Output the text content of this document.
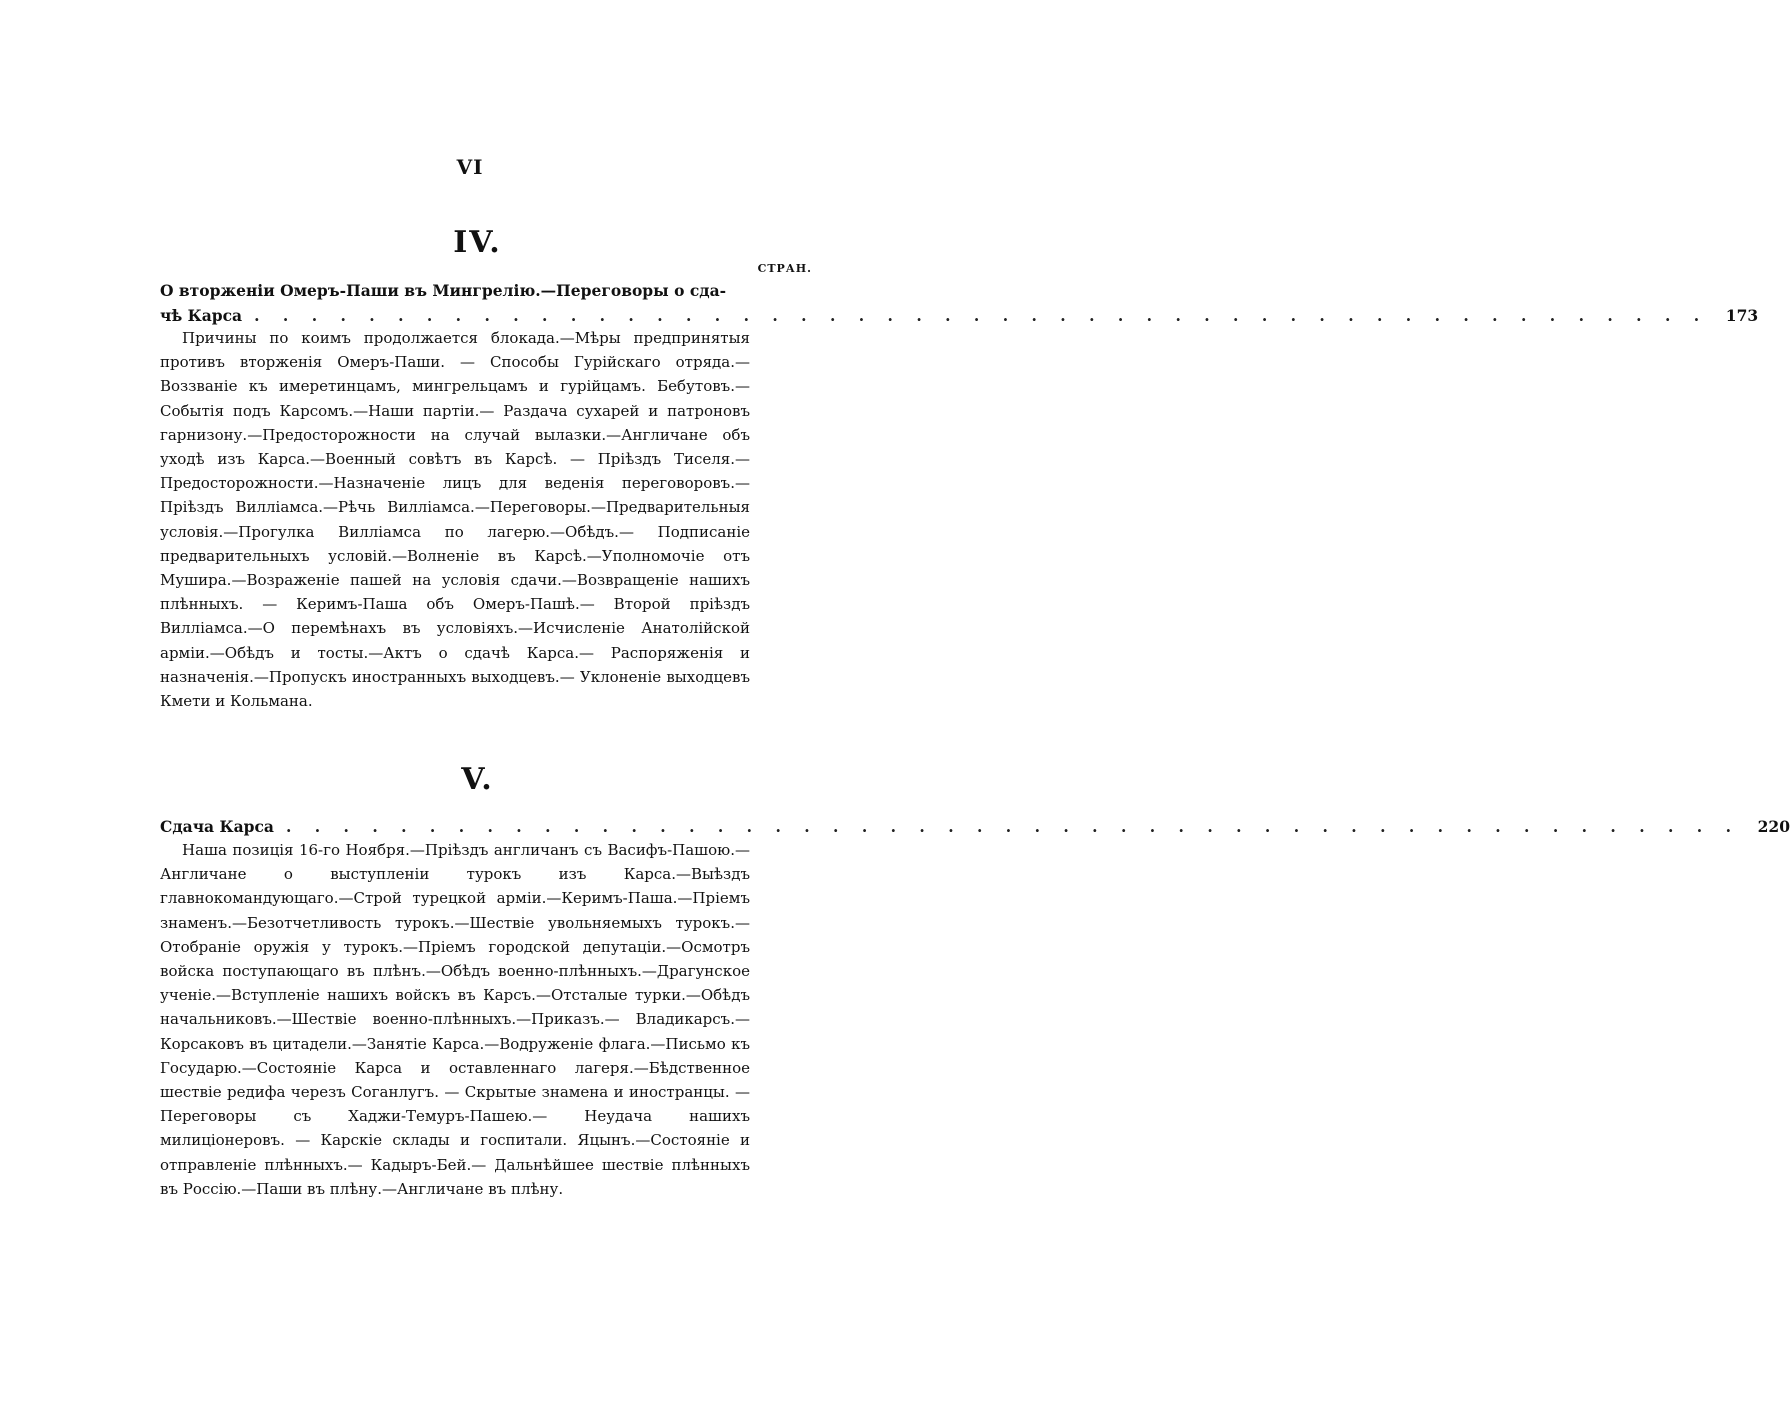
VI
IV.
СТРАН.
О вторженіи Омеръ-Паши въ Мингрелію.—Переговоры о сда-
чѣ Карса . . . . . . . . . . . . . . . . . . . . . . . . . . . . . . . . . . . . . . . . . . . . . . . . . . .	173
Причины по коимъ продолжается блокада.—Мѣры предпринятыя противъ вторженія Омеръ-Паши. — Способы Гурійскаго отряда.— Воззваніе къ имеретинцамъ, мингрельцамъ и гурійцамъ. Бебутовъ.— Событія подъ Карсомъ.—Наши партіи.— Раздача сухарей и патроновъ гарнизону.—Предосторожности на случай вылазки.—Англичане объ уходѣ изъ Карса.—Военный совѣтъ въ Карсѣ. — Пріѣздъ Тиселя.—Предосторожности.—Назначеніе лицъ для веденія переговоровъ.—Пріѣздъ Вилліамса.—Рѣчь Вилліамса.—Переговоры.—Предварительныя условія.—Прогулка Вилліамса по лагерю.—Обѣдъ.— Подписаніе предварительныхъ условій.—Волненіе въ Карсѣ.—Уполномочіе отъ Мушира.—Возраженіе пашей на условія сдачи.—Возвращеніе нашихъ плѣнныхъ. — Керимъ-Паша объ Омеръ-Пашѣ.— Второй пріѣздъ Вилліамса.—О перемѣнахъ въ условіяхъ.—Исчисленіе Анатолійской арміи.—Обѣдъ и тосты.—Актъ о сдачѣ Карса.— Распоряженія и назначенія.—Пропускъ иностранныхъ выходцевъ.— Уклоненіе выходцевъ Кмети и Кольмана.
V.
Сдача Карса . . . . . . . . . . . . . . . . . . . . . . . . . . . . . . . . . . . . . . . . . . . . . . . . . . .	220
Наша позиція 16-го Ноября.—Пріѣздъ англичанъ съ Васифъ-Пашою.—Англичане о выступленіи турокъ изъ Карса.—Выѣздъ главнокомандующаго.—Строй турецкой арміи.—Керимъ-Паша.—Пріемъ знаменъ.—Безотчетливость турокъ.—Шествіе увольняемыхъ турокъ.— Отобраніе оружія у турокъ.—Пріемъ городской депутаціи.—Осмотръ войска поступающаго въ плѣнъ.—Обѣдъ военно-плѣнныхъ.—Драгунское ученіе.—Вступленіе нашихъ войскъ въ Карсъ.—Отсталые турки.—Обѣдъ начальниковъ.—Шествіе военно-плѣнныхъ.—Приказъ.— Владикарсъ.—Корсаковъ въ цитадели.—Занятіе Карса.—Водруженіе флага.—Письмо къ Государю.—Состояніе Карса и оставленнаго лагеря.—Бѣдственное шествіе редифа черезъ Соганлугъ. — Скрытые знамена и иностранцы. — Переговоры съ Хаджи-Темуръ-Пашею.— Неудача нашихъ милиціонеровъ. — Карскіе склады и госпитали. Яцынъ.—Состояніе и отправленіе плѣнныхъ.— Кадыръ-Бей.— Дальнѣйшее шествіе плѣнныхъ въ Россію.—Паши въ плѣну.—Англичане въ плѣну.
